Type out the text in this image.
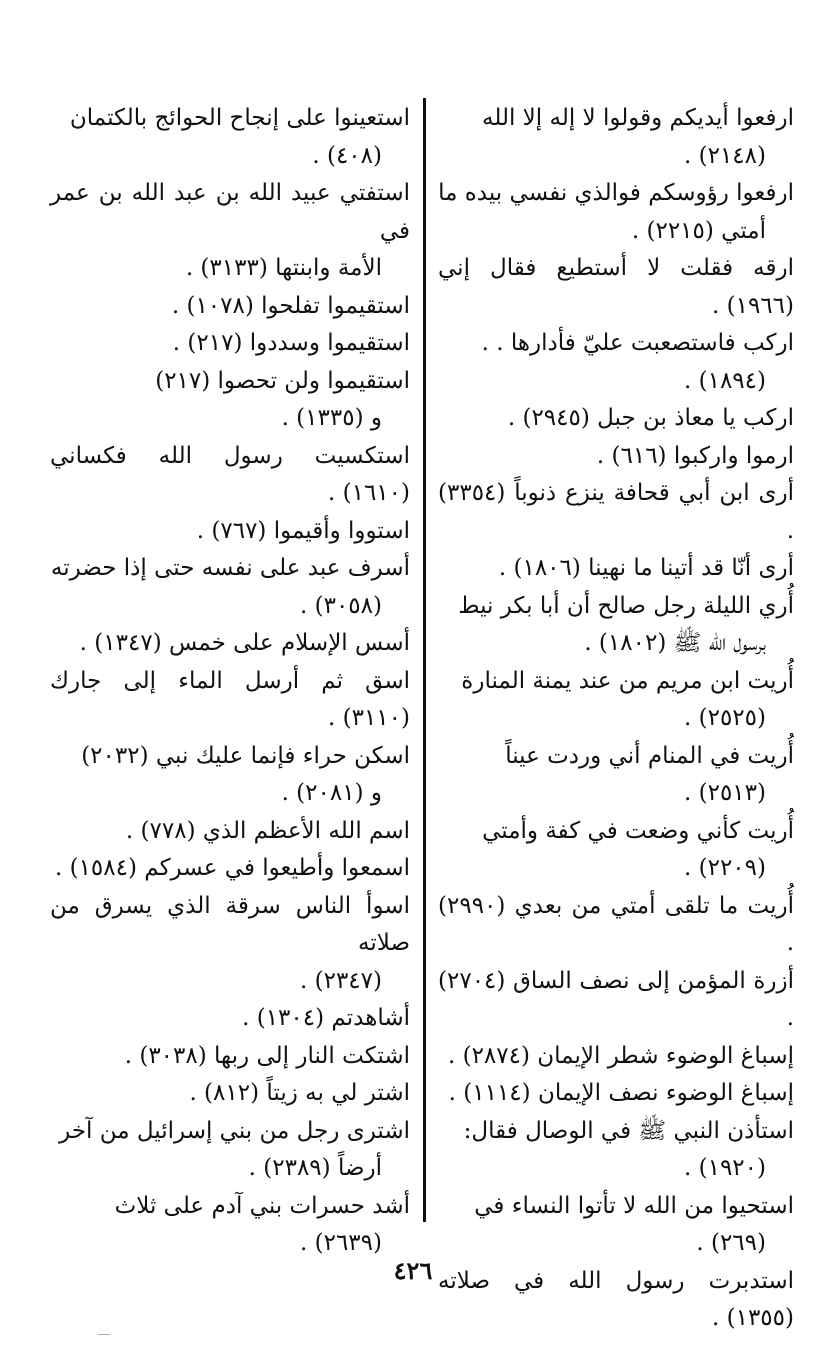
ارفعوا أيديكم وقولوا لا إله إلا الله
(٢١٤٨) .

ارفعوا رؤوسكم فوالذي نفسي بيده ما
أمتي (٢٢١٥) .

ارقه فقلت لا أستطيع فقال إني (١٩٦٦) .

اركب فاستصعبت عليّ فأدارها . .
(١٨٩٤) .

اركب يا معاذ بن جبل (٢٩٤٥) .

ارموا واركبوا (٦١٦) .

أرى ابن أبي قحافة ينزع ذنوباً (٣٣٥٤) .

أرى أنّا قد أتينا ما نهينا (١٨٠٦) .

أُري الليلة رجل صالح أن أبا بكر نيط
برسول الله ﷺ (١٨٠٢) .

أُريت ابن مريم من عند يمنة المنارة
(٢٥٢٥) .

أُريت في المنام أني وردت عيناً
(٢٥١٣) .

أُريت كأني وضعت في كفة وأمتي
(٢٢٠٩) .

أُريت ما تلقى أمتي من بعدي (٢٩٩٠) .

أزرة المؤمن إلى نصف الساق (٢٧٠٤) .

إسباغ الوضوء شطر الإيمان (٢٨٧٤) .

إسباغ الوضوء نصف الإيمان (١١١٤) .

استأذن النبي ﷺ في الوصال فقال:
(١٩٢٠) .

استحيوا من الله لا تأتوا النساء في
(٢٦٩) .

استدبرت رسول الله في صلاته (١٣٥٥) .

استعينوا على إنجاح الحوائج بالكتمان
(٤٠٨) .

استفتي عبيد الله بن عبد الله بن عمر في
الأمة وابنتها (٣١٣٣) .

استقيموا تفلحوا (١٠٧٨) .

استقيموا وسددوا (٢١٧) .

استقيموا ولن تحصوا (٢١٧)
و (١٣٣٥) .

استكسيت رسول الله فكساني (١٦١٠) .

استووا وأقيموا (٧٦٧) .

أسرف عبد على نفسه حتى إذا حضرته
(٣٠٥٨) .

أسس الإسلام على خمس (١٣٤٧) .

اسق ثم أرسل الماء إلى جارك (٣١١٠) .

اسكن حراء فإنما عليك نبي (٢٠٣٢)
و (٢٠٨١) .

اسم الله الأعظم الذي (٧٧٨) .

اسمعوا وأطيعوا في عسركم (١٥٨٤) .

اسوأ الناس سرقة الذي يسرق من صلاته
(٢٣٤٧) .

أشاهدتم (١٣٠٤) .

اشتكت النار إلى ربها (٣٠٣٨) .

اشتر لي به زيتاً (٨١٢) .

اشترى رجل من بني إسرائيل من آخر
أرضاً (٢٣٨٩) .

أشد حسرات بني آدم على ثلاث
(٢٦٣٩) .

٤٢٦
